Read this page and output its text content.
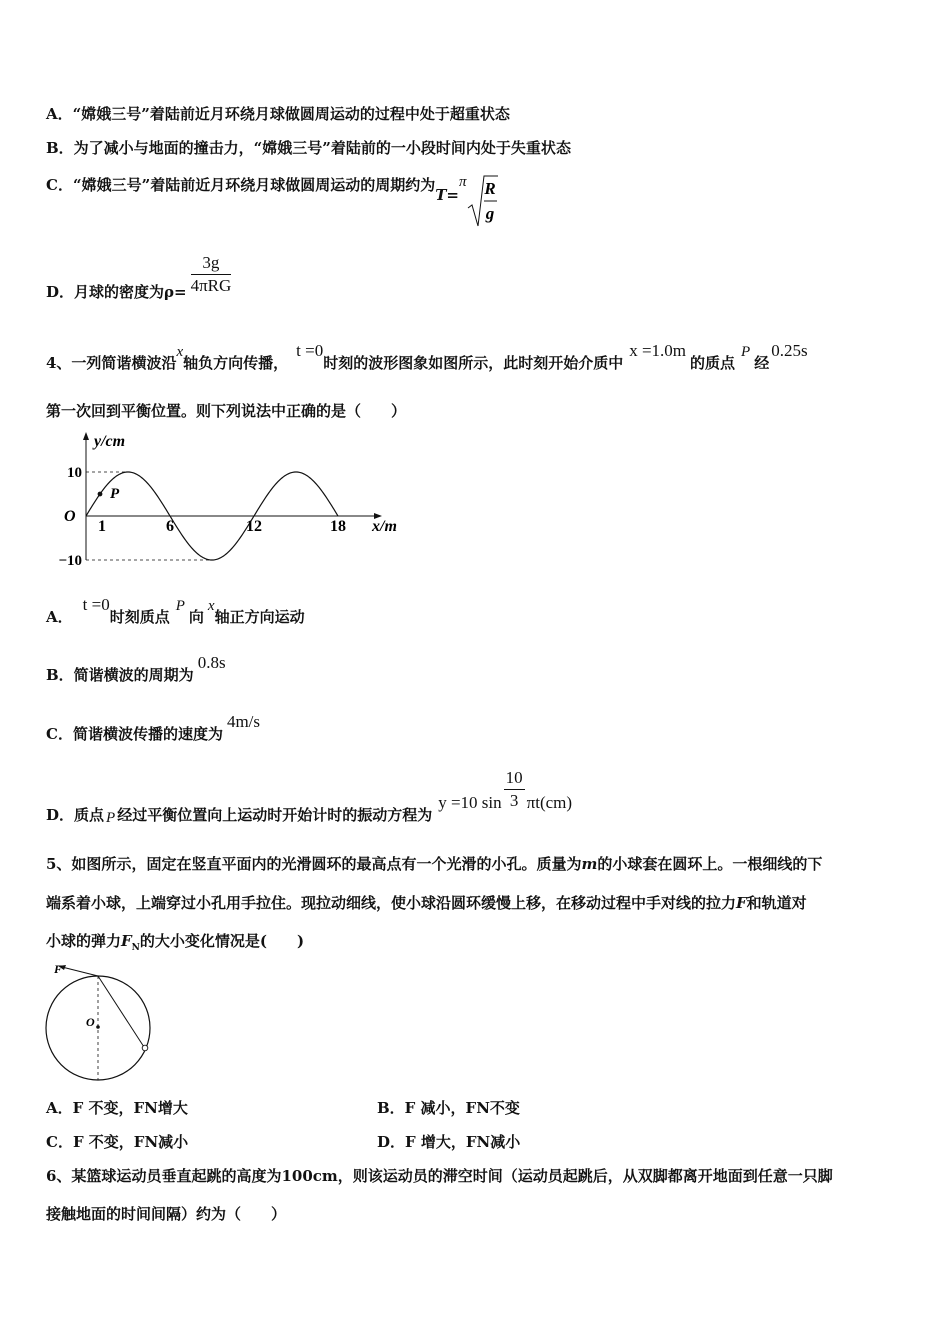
A．“嫦娥三号”着陆前近月环绕月球做圆周运动的过程中处于超重状态
B．为了减小与地面的撞击力，“嫦娥三号”着陆前的一小段时间内处于失重状态
C．“嫦娥三号”着陆前近月环绕月球做圆周运动的周期约为T=π R
g
D．月球的密度为$\rho= \frac{3g}{\text{4πRG}}$
4、一列简谐横波沿x轴负方向传播，t =0时刻的波形图象如图所示，此时刻开始介质中x =1.0m的质点P经0.25s
第一次回到平衡位置。则下列说法中正确的是（　　）
P
1	6	12	18
10
−10
O
y/cm
x/m
A．t =0时刻质点P向x轴正方向运动
B．简谐横波的周期为0.8s
C．简谐横波传播的速度为4m/s
D．质点 P 经过平衡位置向上运动时开始计时的振动方程为y =10 $\sin \frac{10}{3} \pi t(cm)$
5、如图所示，固定在竖直平面内的光滑圆环的最高点有一个光滑的小孔。质量为m的小球套在圆环上。一根细线的下
端系着小球，上端穿过小孔用手拉住。现拉动细线，使小球沿圆环缓慢上移，在移动过程中手对线的拉力F和轨道对
小球的弹力$F_N$的大小变化情况是(　　)
F
O
A．F 不变，FN增大	B．F 减小，FN不变
C．F 不变，FN减小	D．F 增大，FN减小
6、某篮球运动员垂直起跳的高度为100cm，则该运动员的滞空时间（运动员起跳后，从双脚都离开地面到任意一只脚
接触地面的时间间隔）约为（　　）
